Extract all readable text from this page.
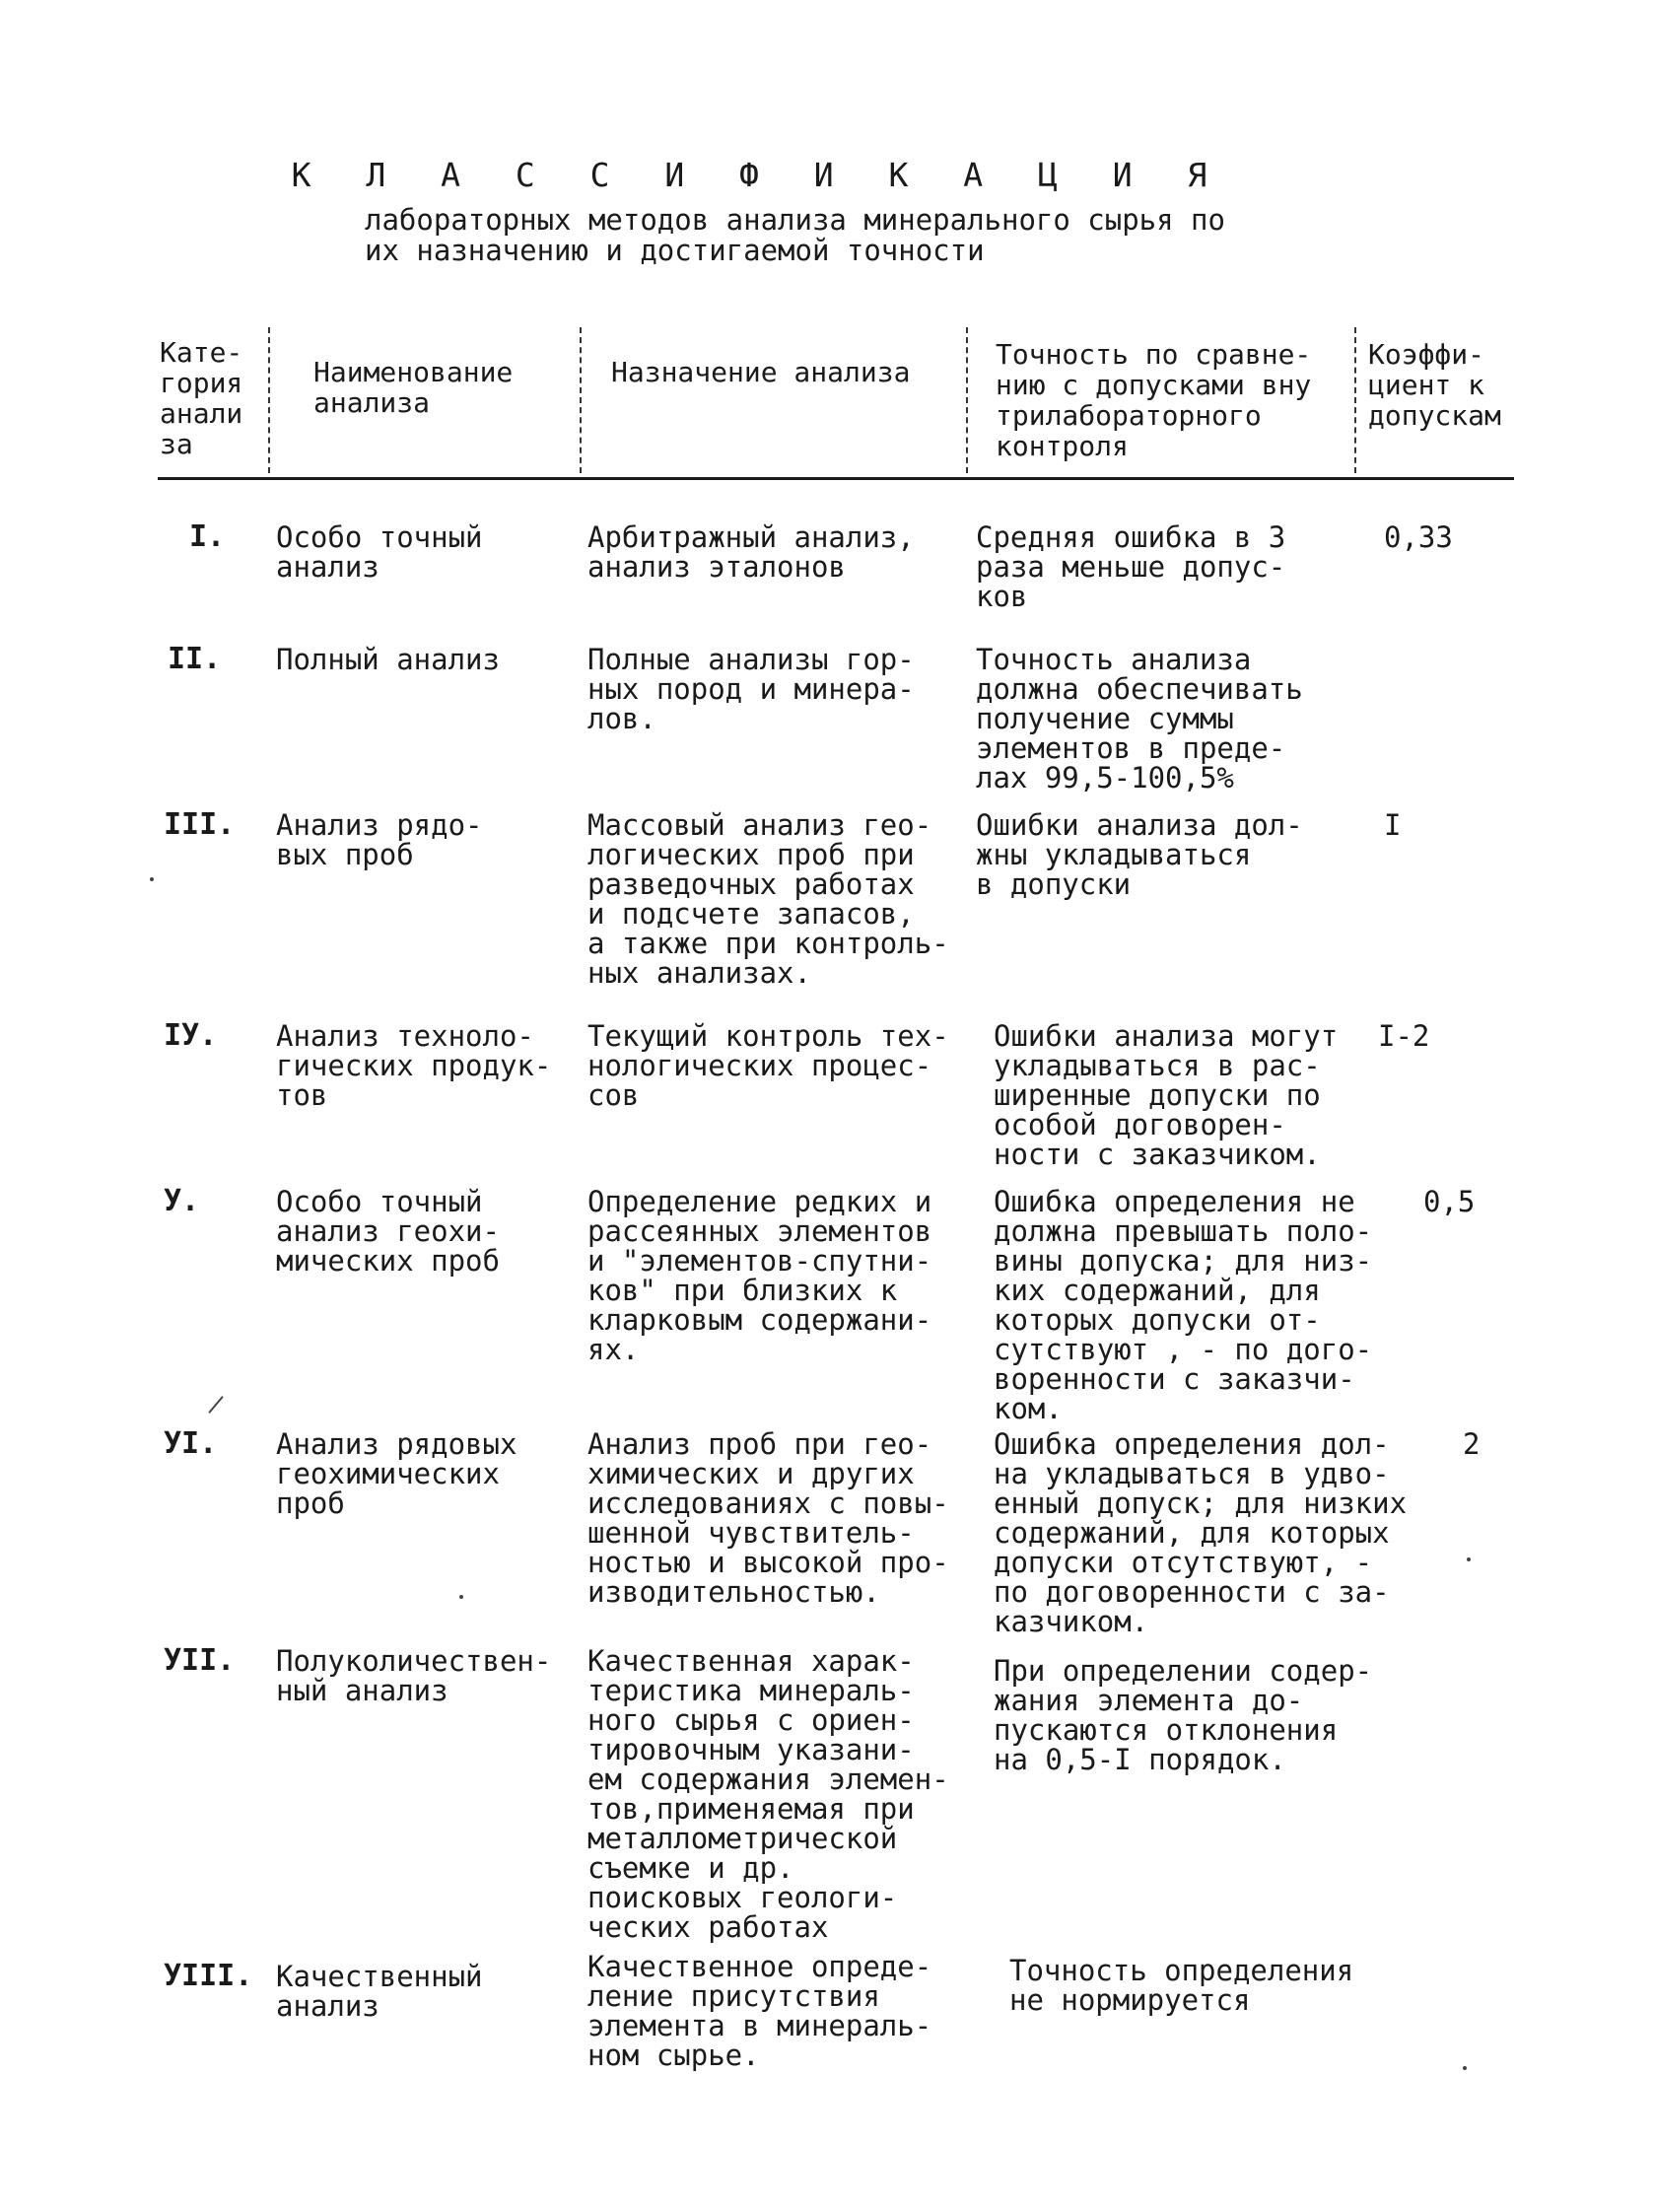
К Л А С С И Ф И К А Ц И Я
лабораторных методов анализа минерального сырья по
их назначению и достигаемой точности
Кате-
гория
анали
за
Наименование
анализа
Назначение анализа
Точность по сравне-
нию с допусками вну
трилабораторного
контроля
Коэффи-
циент к
допускам
I. Особо точный
анализ
Арбитражный анализ,
анализ эталонов
Средняя ошибка в 3
раза меньше допус-
ков
0,33
II. Полный анализ	Полные анализы гор-
ных пород и минера-
лов.
Точность анализа
должна обеспечивать
получение суммы
элементов в преде-
лах 99,5-100,5%
III. Анализ рядо-
вых проб
Массовый анализ гео-
логических проб при
разведочных работах
и подсчете запасов,
а также при контроль-
ных анализах.
Ошибки анализа дол-
жны укладываться
в допуски
I
IУ. Анализ техноло-
гических продук-
тов
Текущий контроль тех-
нологических процес-
сов
Ошибки анализа могут
укладываться в рас-
ширенные допуски по
особой договорен-
ности с заказчиком.
I-2
У.	Особо точный
анализ геохи-
мических проб
Определение редких и
рассеянных элементов
и "элементов-спутни-
ков" при близких к
кларковым содержани-
ях.
Ошибка определения не
должна превышать поло-
вины допуска; для низ-
ких содержаний, для
которых допуски от-
сутствуют , - по дого-
воренности с заказчи-
ком.
0,5
УI. Анализ рядовых
геохимических
проб
Анализ проб при гео-
химических и других
исследованиях с повы-
шенной чувствитель-
ностью и высокой про-
изводительностью.
Ошибка определения дол-
на укладываться в удво-
енный допуск; для низких
содержаний, для которых
допуски отсутствуют, -
по договоренности с за-
казчиком.
2
УII. Полуколичествен-
ный анализ
Качественная харак-
теристика минераль-
ного сырья с ориен-
тировочным указани-
ем содержания элемен-
тов,применяемая при
металлометрической
съемке и др.
поисковых геологи-
ческих работах
При определении содер-
жания элемента до-
пускаются отклонения
на 0,5-I порядок.
УIII. Качественный
анализ
Качественное опреде-
ление присутствия
элемента в минераль-
ном сырье.
Точность определения
не нормируется
